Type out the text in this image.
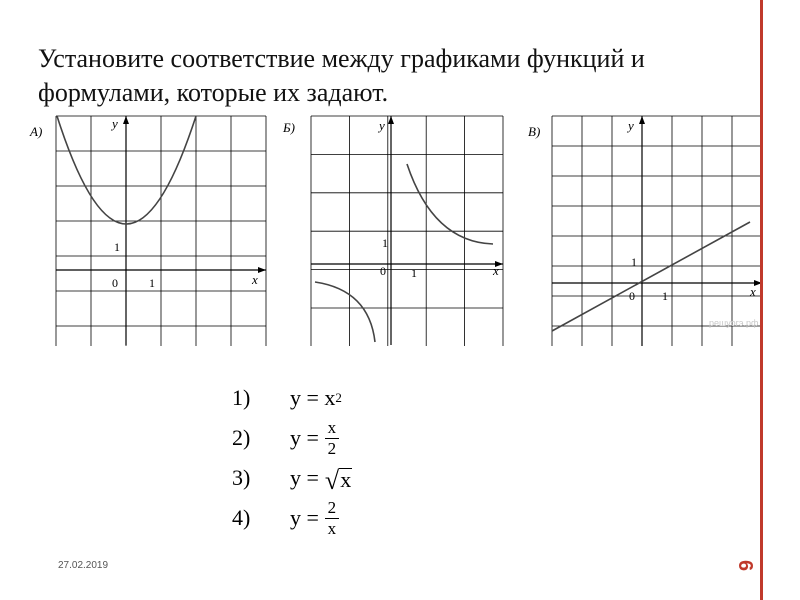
Установите соответствие между графиками функций и формулами, которые их задают.
А)
x
y
0	1
1
Б)
x
y
0 1
1
В)
x
y
0 1
1
решуогэ.рф
1)	y =
x 2
2)	$y = \frac{x}{2}$
3)	y = √ x
4)	$y = \frac{2}{x}$
27.02.2019	6
